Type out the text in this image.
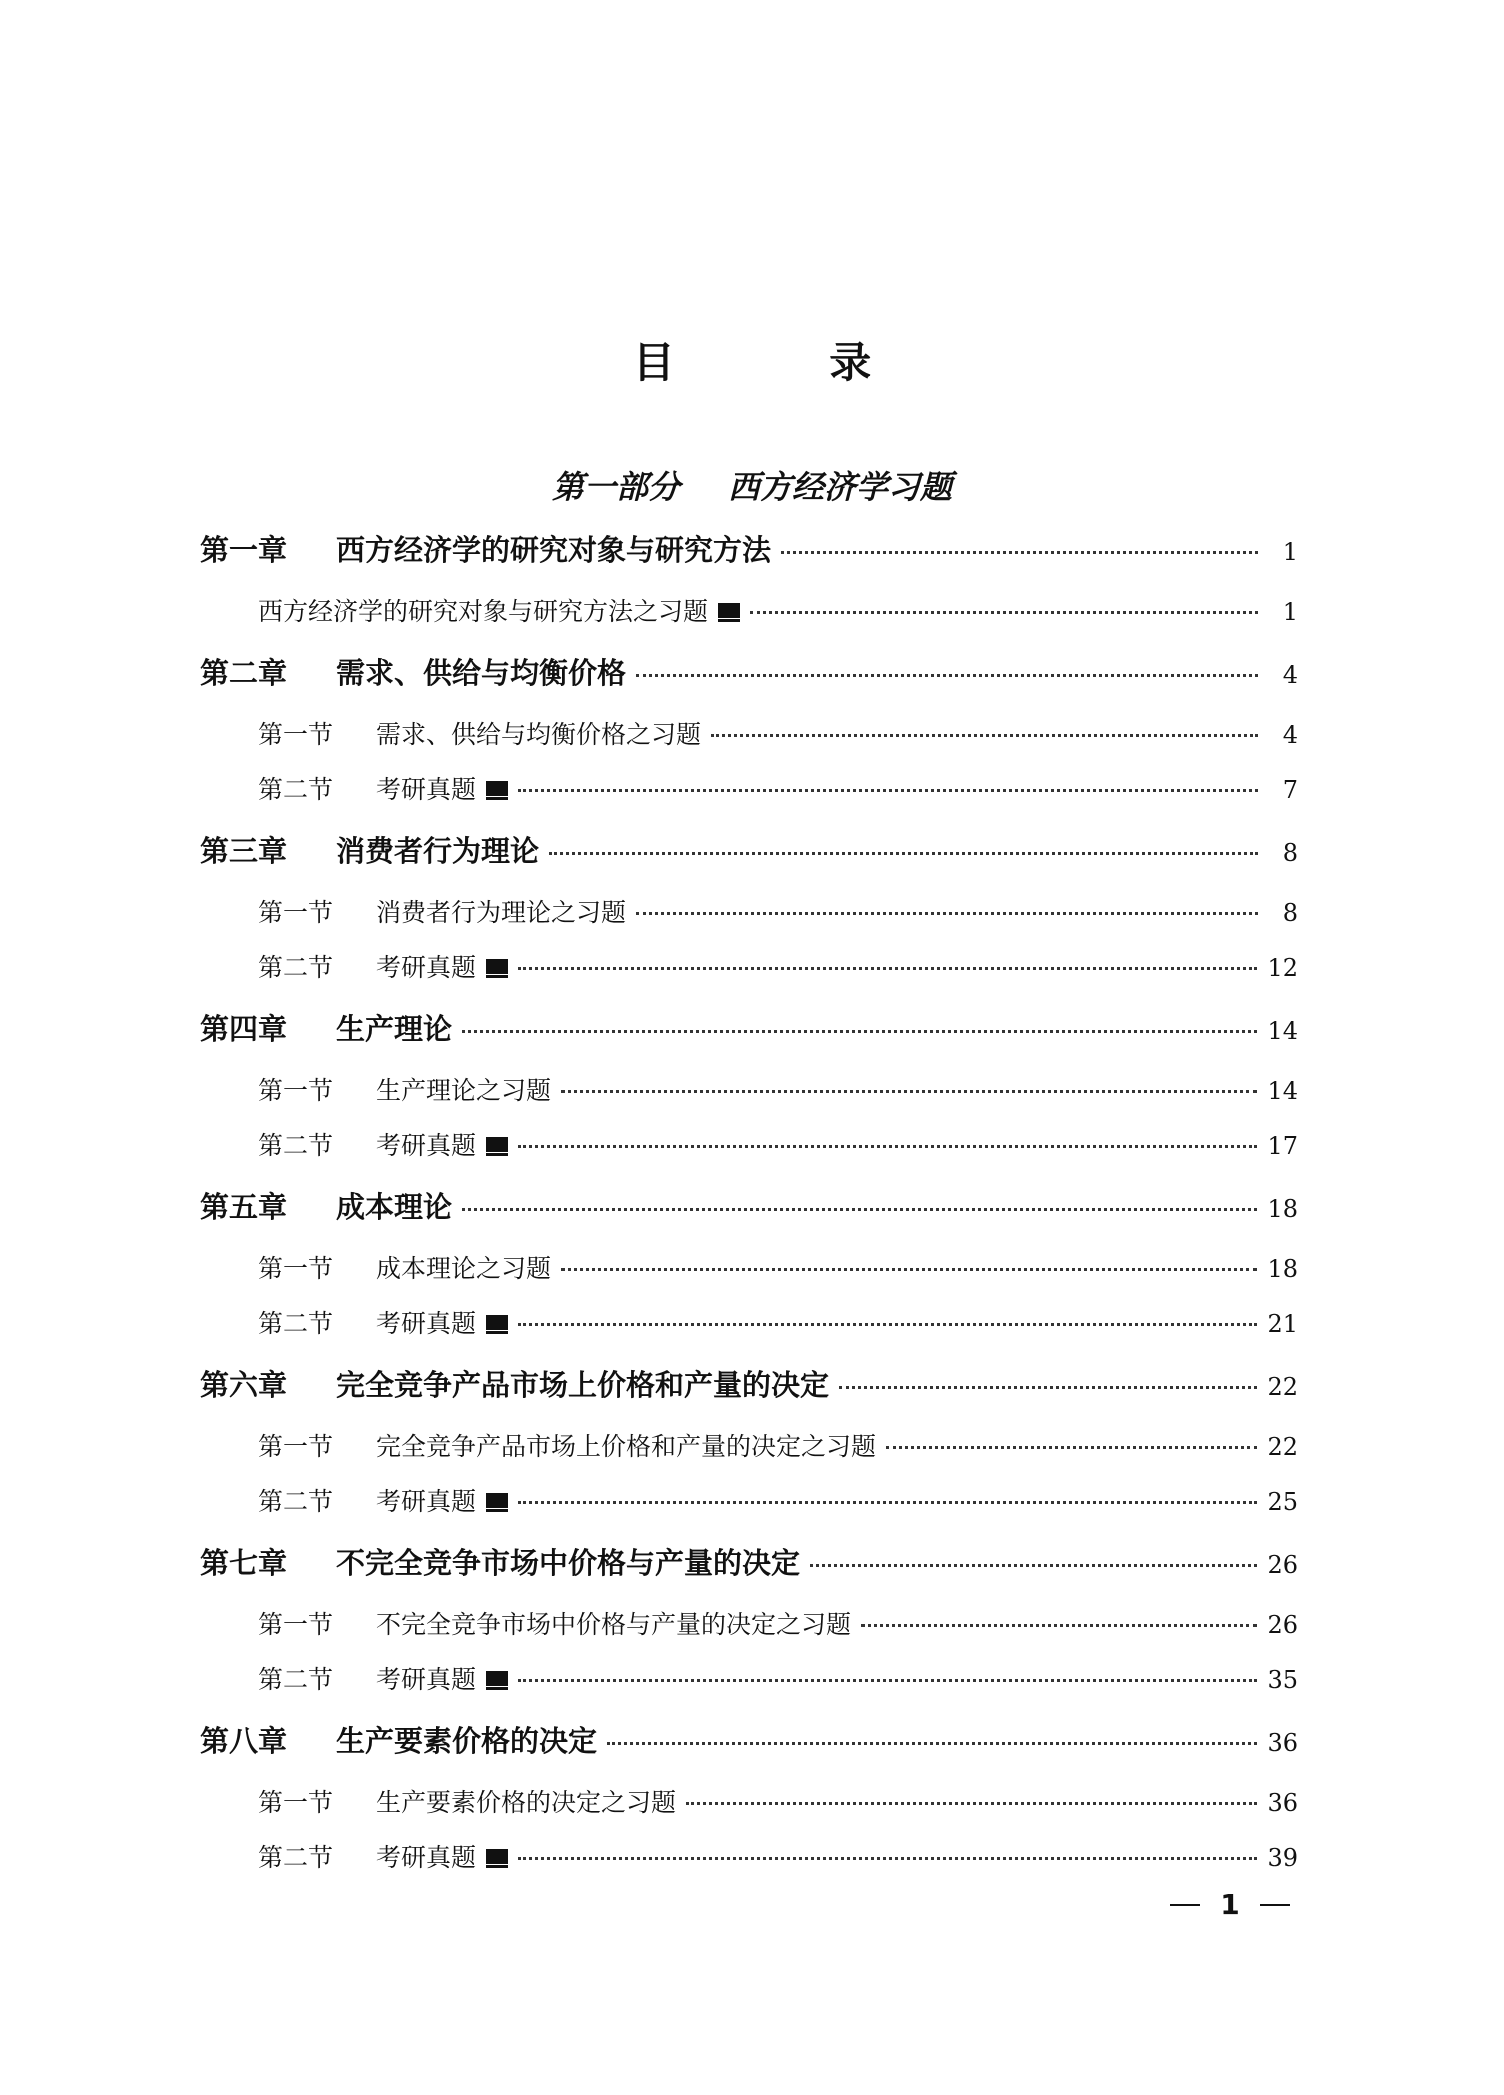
目 录
第一部分 西方经济学习题
第一章	西方经济学的研究对象与研究方法	1
西方经济学的研究对象与研究方法之习题	1
第二章	需求、供给与均衡价格	4
第一节	需求、供给与均衡价格之习题	4
第二节	考研真题	7
第三章	消费者行为理论	8
第一节	消费者行为理论之习题	8
第二节	考研真题	12
第四章	生产理论	14
第一节	生产理论之习题	14
第二节	考研真题	17
第五章	成本理论	18
第一节	成本理论之习题	18
第二节	考研真题	21
第六章	完全竞争产品市场上价格和产量的决定	22
第一节	完全竞争产品市场上价格和产量的决定之习题	22
第二节	考研真题	25
第七章	不完全竞争市场中价格与产量的决定	26
第一节	不完全竞争市场中价格与产量的决定之习题	26
第二节	考研真题	35
第八章	生产要素价格的决定	36
第一节	生产要素价格的决定之习题	36
第二节	考研真题	39
1
